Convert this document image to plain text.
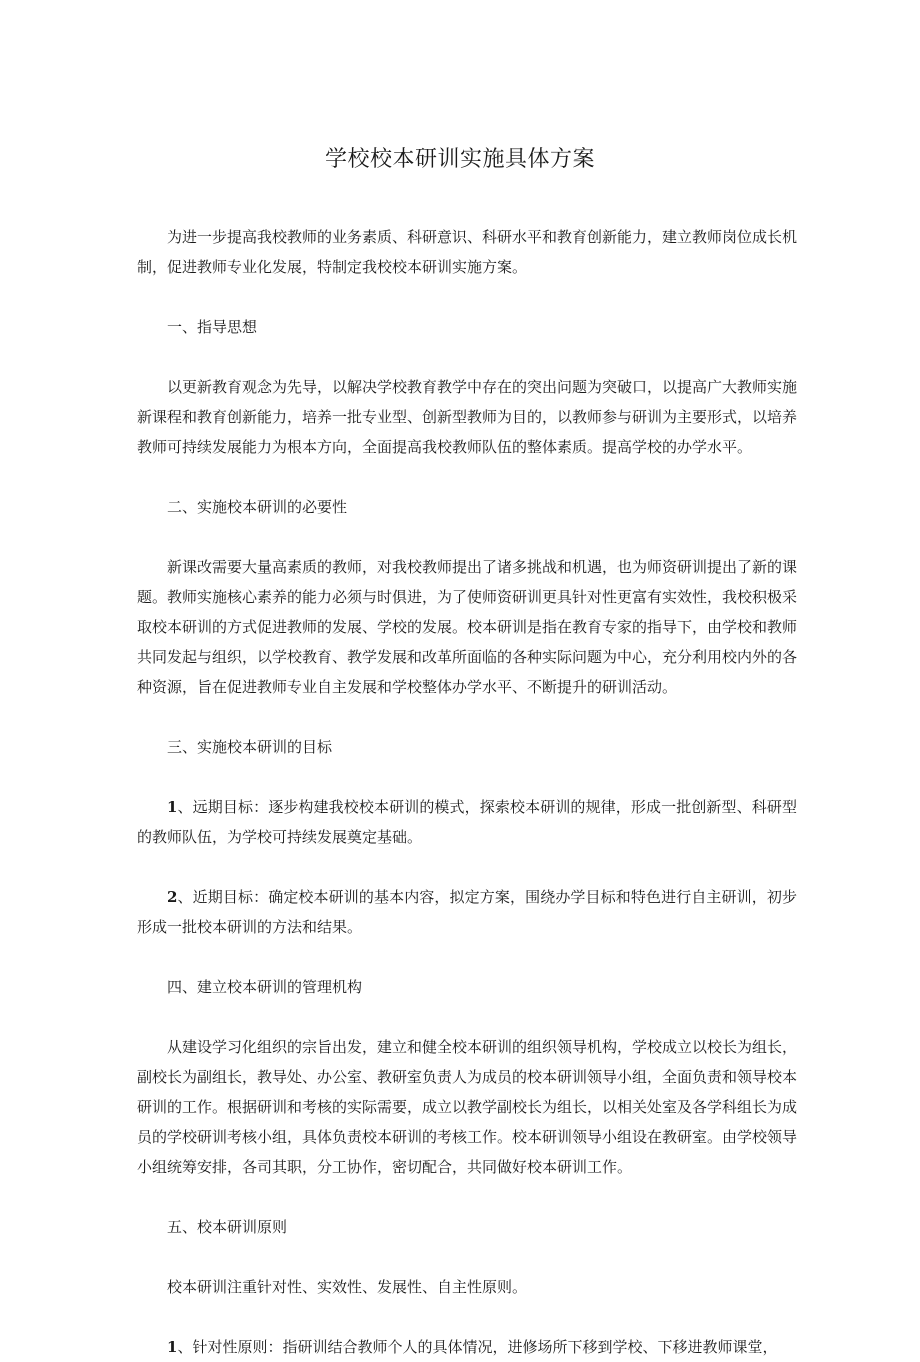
学校校本研训实施具体方案

为进一步提高我校教师的业务素质、科研意识、科研水平和教育创新能力，建立教师岗位成长机制，促进教师专业化发展，特制定我校校本研训实施方案。

一、指导思想

以更新教育观念为先导，以解决学校教育教学中存在的突出问题为突破口，以提高广大教师实施新课程和教育创新能力，培养一批专业型、创新型教师为目的，以教师参与研训为主要形式，以培养教师可持续发展能力为根本方向，全面提高我校教师队伍的整体素质。提高学校的办学水平。

二、实施校本研训的必要性

新课改需要大量高素质的教师，对我校教师提出了诸多挑战和机遇，也为师资研训提出了新的课题。教师实施核心素养的能力必须与时俱进，为了使师资研训更具针对性更富有实效性，我校积极采取校本研训的方式促进教师的发展、学校的发展。校本研训是指在教育专家的指导下，由学校和教师共同发起与组织，以学校教育、教学发展和改革所面临的各种实际问题为中心，充分利用校内外的各种资源，旨在促进教师专业自主发展和学校整体办学水平、不断提升的研训活动。

三、实施校本研训的目标

1、远期目标：逐步构建我校校本研训的模式，探索校本研训的规律，形成一批创新型、科研型的教师队伍，为学校可持续发展奠定基础。

2、近期目标：确定校本研训的基本内容，拟定方案，围绕办学目标和特色进行自主研训，初步形成一批校本研训的方法和结果。

四、建立校本研训的管理机构

从建设学习化组织的宗旨出发，建立和健全校本研训的组织领导机构，学校成立以校长为组长，副校长为副组长，教导处、办公室、教研室负责人为成员的校本研训领导小组，全面负责和领导校本研训的工作。根据研训和考核的实际需要，成立以教学副校长为组长，以相关处室及各学科组长为成员的学校研训考核小组，具体负责校本研训的考核工作。校本研训领导小组设在教研室。由学校领导小组统筹安排，各司其职，分工协作，密切配合，共同做好校本研训工作。

五、校本研训原则

校本研训注重针对性、实效性、发展性、自主性原则。

1、针对性原则：指研训结合教师个人的具体情况，进修场所下移到学校、下移进教师课堂，
